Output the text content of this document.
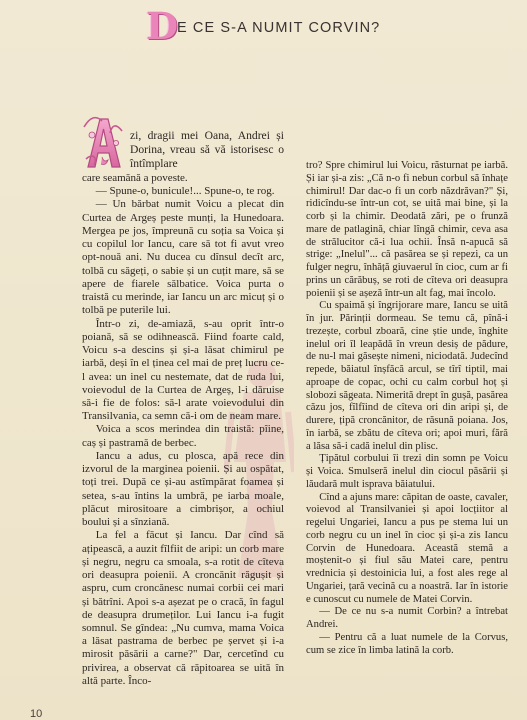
D
E CE S-A NUMIT CORVIN?

zi, dragii mei Oana, Andrei și Dorina, vreau să vă istorisesc o întîmplare

care seamănă a poveste.

— Spune-o, bunicule!... Spune-o, te rog.

— Un bărbat numit Voicu a plecat din Curtea de Argeș peste munți, la Hunedoara. Mergea pe jos, împreună cu soția sa Voica și cu copilul lor Iancu, care să tot fi avut vreo opt-nouă ani. Nu ducea cu dînsul decît arc, tolbă cu săgeți, o sabie și un cuțit mare, să se apere de fiarele sălbatice. Voica purta o traistă cu merinde, iar Iancu un arc micuț și o tolbă pe puterile lui.

Într-o zi, de-amiază, s-au oprit într-o poiană, să se odihnească. Fiind foarte cald, Voicu s-a descins și și-a lăsat chimirul pe iarbă, deși în el ținea cel mai de preț lucru ce-l avea: un inel cu nestemate, dat de ruda lui, voievodul de la Curtea de Argeș, l-i dăruise să-i fie de folos: să-l arate voievodului din Transilvania, ca semn că-i om de neam mare.

Voica a scos merindea din traistă: pîine, caș și pastramă de berbec.

Iancu a adus, cu plosca, apă rece din izvorul de la marginea poienii. Și au ospătat, toți trei. După ce și-au astîmpărat foamea și setea, s-au întins la umbră, pe iarba moale, plăcut mirositoare a cimbrișor, a ochiul boului și a sînziană.

La fel a făcut și Iancu. Dar cînd să ațipească, a auzit fîlfiit de aripi: un corb mare și negru, negru ca smoala, s-a rotit de cîteva ori deasupra poienii. A croncănit răgușit și aspru, cum croncănesc numai corbii cei mari și bătrîni. Apoi s-a așezat pe o cracă, în fagul de deasupra drumeților. Lui Iancu i-a fugit somnul. Se gîndea: „Nu cumva, mama Voica a lăsat pastrama de berbec pe șervet și i-a mirosit păsării a carne?" Dar, cercetînd cu privirea, a observat că răpitoarea se uită în altă parte. Înco-

tro? Spre chimirul lui Voicu, răsturnat pe iarbă. Și iar și-a zis: „Că n-o fi nebun corbul să înhațe chimirul! Dar dac-o fi un corb năzdrăvan?" Și, ridicîndu-se într-un cot, se uită mai bine, și la corb și la chimir. Deodată zări, pe o frunză mare de patlagină, chiar lîngă chimir, ceva asa de strălucitor că-i lua ochii. Însă n-apucă să strige: „Inelul"... că pasărea se și repezi, ca un fulger negru, înhăță giuvaerul în cioc, cum ar fi prins un cărăbuș, se roti de cîteva ori deasupra poienii și se așeză într-un alt fag, mai încolo.

Cu spaimă și îngrijorare mare, Iancu se uită în jur. Părinții dormeau. Se temu că, pînă-i trezește, corbul zboară, cine știe unde, înghite inelul ori îl leapădă în vreun desiș de pădure, de nu-l mai găsește nimeni, niciodată. Judecînd repede, băiatul înșfăcă arcul, se tîrî tiptil, mai aproape de copac, ochi cu calm corbul hoț și slobozi săgeata. Nimerită drept în gușă, pasărea căzu jos, fîlfîind de cîteva ori din aripi și, de durere, țipă croncănitor, de răsună poiana. Jos, în iarbă, se zbătu de cîteva ori; apoi muri, fără a lăsa să-i cadă inelul din plisc.

Țipătul corbului îi trezi din somn pe Voicu și Voica. Smulseră inelul din ciocul păsării și lăudară mult isprava băiatului.

Cînd a ajuns mare: căpitan de oaste, cavaler, voievod al Transilvaniei și apoi locțiitor al regelui Ungariei, Iancu a pus pe stema lui un corb negru cu un inel în cioc și și-a zis Iancu Corvin de Hunedoara. Această stemă a moștenit-o și fiul său Matei care, pentru vrednicia și destoinicia lui, a fost ales rege al Ungariei, țară vecină cu a noastră. Iar în istorie e cunoscut cu numele de Matei Corvin.

— De ce nu s-a numit Corbin? a întrebat Andrei.

— Pentru că a luat numele de la Corvus, cum se zice în limba latină la corb.

10
